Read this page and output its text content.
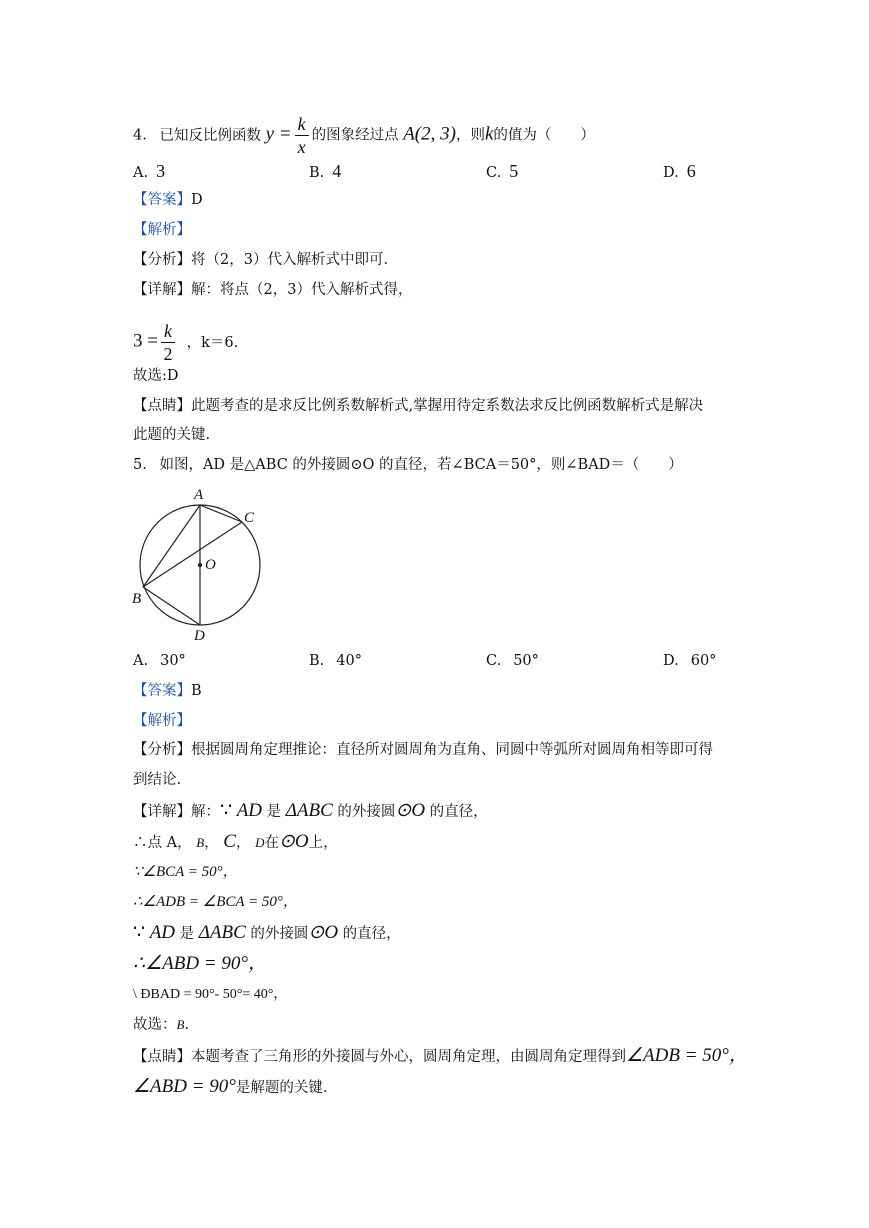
4. 已知反比例函数 $y = \frac{k}{x}$ 的图象经过点 A(2, 3)，则k的值为（　　）
A. 3	B. 4	C. 5	D. 6
【答案】D
【解析】
【分析】将（2，3）代入解析式中即可.
【详解】解：将点（2，3）代入解析式得，
$3 = \frac{k}{2}$ ，k＝6.
故选:D
【点睛】此题考查的是求反比例系数解析式,掌握用待定系数法求反比例函数解析式是解决
此题的关键.
5. 如图，AD 是△ABC 的外接圆⊙O 的直径，若∠BCA＝50°，则∠BAD＝（　　）
A
C
O
B
D
A. 30°	B. 40°	C. 50°	D. 60°
【答案】B
【解析】
【分析】根据圆周角定理推论：直径所对圆周角为直角、同圆中等弧所对圆周角相等即可得
到结论.
【详解】解：∵ AD 是 ΔABC 的外接圆⊙O 的直径，
∴点 A， B， C， D在⊙O上，
∵∠BCA = 50°，
∴∠ADB = ∠BCA = 50°，
∵ AD 是 ΔABC 的外接圆⊙O 的直径，
∴∠ABD = 90°，
\ ÐBAD = 90°- 50°= 40°，
故选：B.
【点睛】本题考查了三角形的外接圆与外心，圆周角定理，由圆周角定理得到∠ADB = 50°，
∠ABD = 90°是解题的关键.
